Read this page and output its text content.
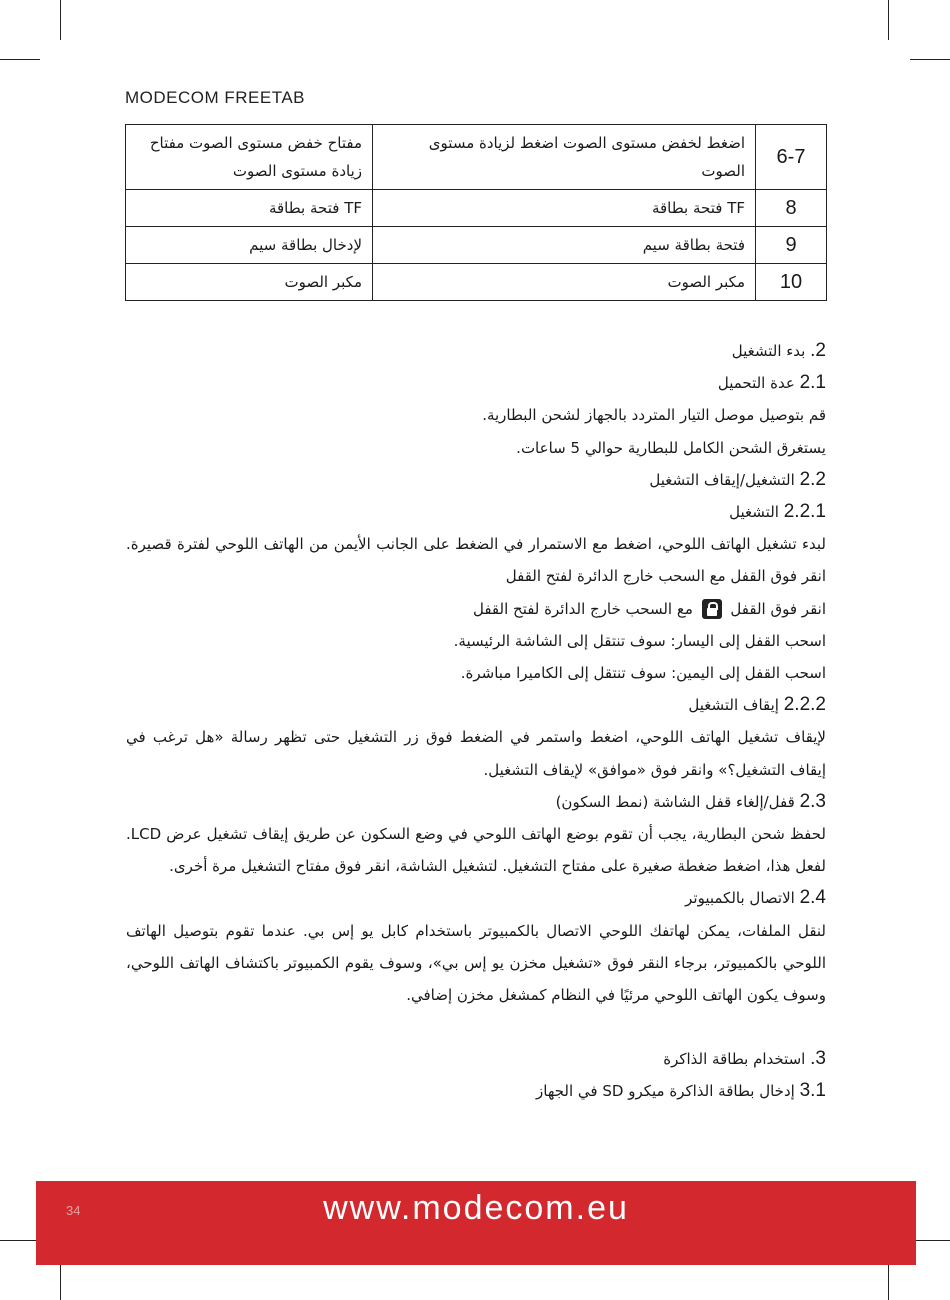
MODECOM FREETAB
6-7	اضغط لخفض مستوى الصوت اضغط لزيادة مستوى الصوت	مفتاح خفض مستوى الصوت مفتاح زيادة مستوى الصوت
8	TF فتحة بطاقة	TF فتحة بطاقة
9	فتحة بطاقة سيم	لإدخال بطاقة سيم
10	مكبر الصوت	مكبر الصوت

2. بدء التشغيل

2.1 عدة التحميل

قم بتوصيل موصل التيار المتردد بالجهاز لشحن البطارية.

يستغرق الشحن الكامل للبطارية حوالي 5 ساعات.

2.2 التشغيل/إيقاف التشغيل

2.2.1 التشغيل

لبدء تشغيل الهاتف اللوحي، اضغط مع الاستمرار في الضغط على الجانب الأيمن من الهاتف اللوحي لفترة قصيرة. انقر فوق القفل مع السحب خارج الدائرة لفتح القفل

انقر فوق القفل  مع السحب خارج الدائرة لفتح القفل

اسحب القفل إلى اليسار: سوف تنتقل إلى الشاشة الرئيسية.

اسحب القفل إلى اليمين: سوف تنتقل إلى الكاميرا مباشرة.

2.2.2 إيقاف التشغيل

لإيقاف تشغيل الهاتف اللوحي، اضغط واستمر في الضغط فوق زر التشغيل حتى تظهر رسالة «هل ترغب في إيقاف التشغيل؟» وانقر فوق «موافق» لإيقاف التشغيل.

2.3 قفل/إلغاء قفل الشاشة (نمط السكون)

لحفظ شحن البطارية، يجب أن تقوم بوضع الهاتف اللوحي في وضع السكون عن طريق إيقاف تشغيل عرض LCD. لفعل هذا، اضغط ضغطة صغيرة على مفتاح التشغيل. لتشغيل الشاشة، انقر فوق مفتاح التشغيل مرة أخرى.

2.4 الاتصال بالكمبيوتر

لنقل الملفات، يمكن لهاتفك اللوحي الاتصال بالكمبيوتر باستخدام كابل يو إس بي. عندما تقوم بتوصيل الهاتف اللوحي بالكمبيوتر، برجاء النقر فوق «تشغيل مخزن يو إس بي»، وسوف يقوم الكمبيوتر باكتشاف الهاتف اللوحي، وسوف يكون الهاتف اللوحي مرئيًا في النظام كمشغل مخزن إضافي.

3. استخدام بطاقة الذاكرة

3.1 إدخال بطاقة الذاكرة ميكرو SD في الجهاز

34	www.modecom.eu
